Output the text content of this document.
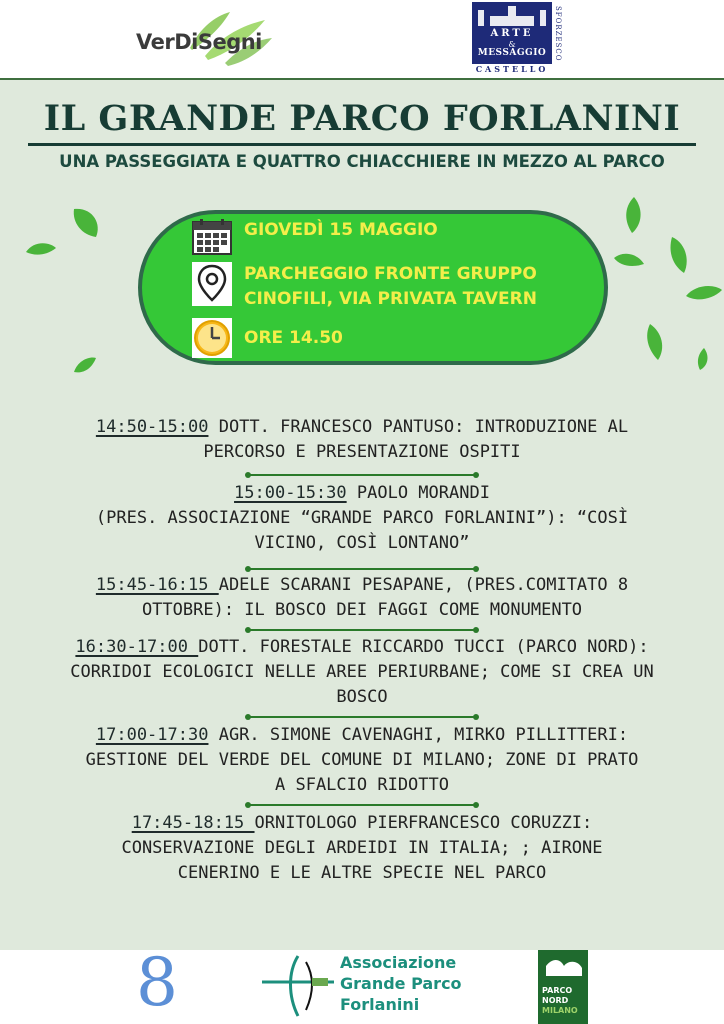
VerDiSegni	ARTE
&
MESSAGGIO
CASTELLO
SFORZESCO
IL GRANDE PARCO FORLANINI
UNA PASSEGGIATA E QUATTRO CHIACCHIERE IN MEZZO AL PARCO
GIOVEDÌ 15 MAGGIO
PARCHEGGIO FRONTE GRUPPO
CINOFILI, VIA PRIVATA TAVERN
ORE 14.50
14:50-15:00 DOTT. FRANCESCO PANTUSO: INTRODUZIONE AL
PERCORSO E PRESENTAZIONE OSPITI
15:00-15:30 PAOLO MORANDI
(PRES. ASSOCIAZIONE “GRANDE PARCO FORLANINI”): “COSÌ
VICINO, COSÌ LONTANO”
15:45-16:15 ADELE SCARANI PESAPANE, (PRES.COMITATO 8
OTTOBRE): IL BOSCO DEI FAGGI COME MONUMENTO
16:30-17:00 DOTT. FORESTALE RICCARDO TUCCI (PARCO NORD):
CORRIDOI ECOLOGICI NELLE AREE PERIURBANE; COME SI CREA UN
BOSCO
17:00-17:30 AGR. SIMONE CAVENAGHI, MIRKO PILLITTERI:
GESTIONE DEL VERDE DEL COMUNE DI MILANO; ZONE DI PRATO
A SFALCIO RIDOTTO
17:45-18:15 ORNITOLOGO PIERFRANCESCO CORUZZI:
CONSERVAZIONE DEGLI ARDEIDI IN ITALIA; ; AIRONE
CENERINO E LE ALTRE SPECIE NEL PARCO
8	Associazione
Grande Parco
Forlanini
PARCO
NORD
MILANO
